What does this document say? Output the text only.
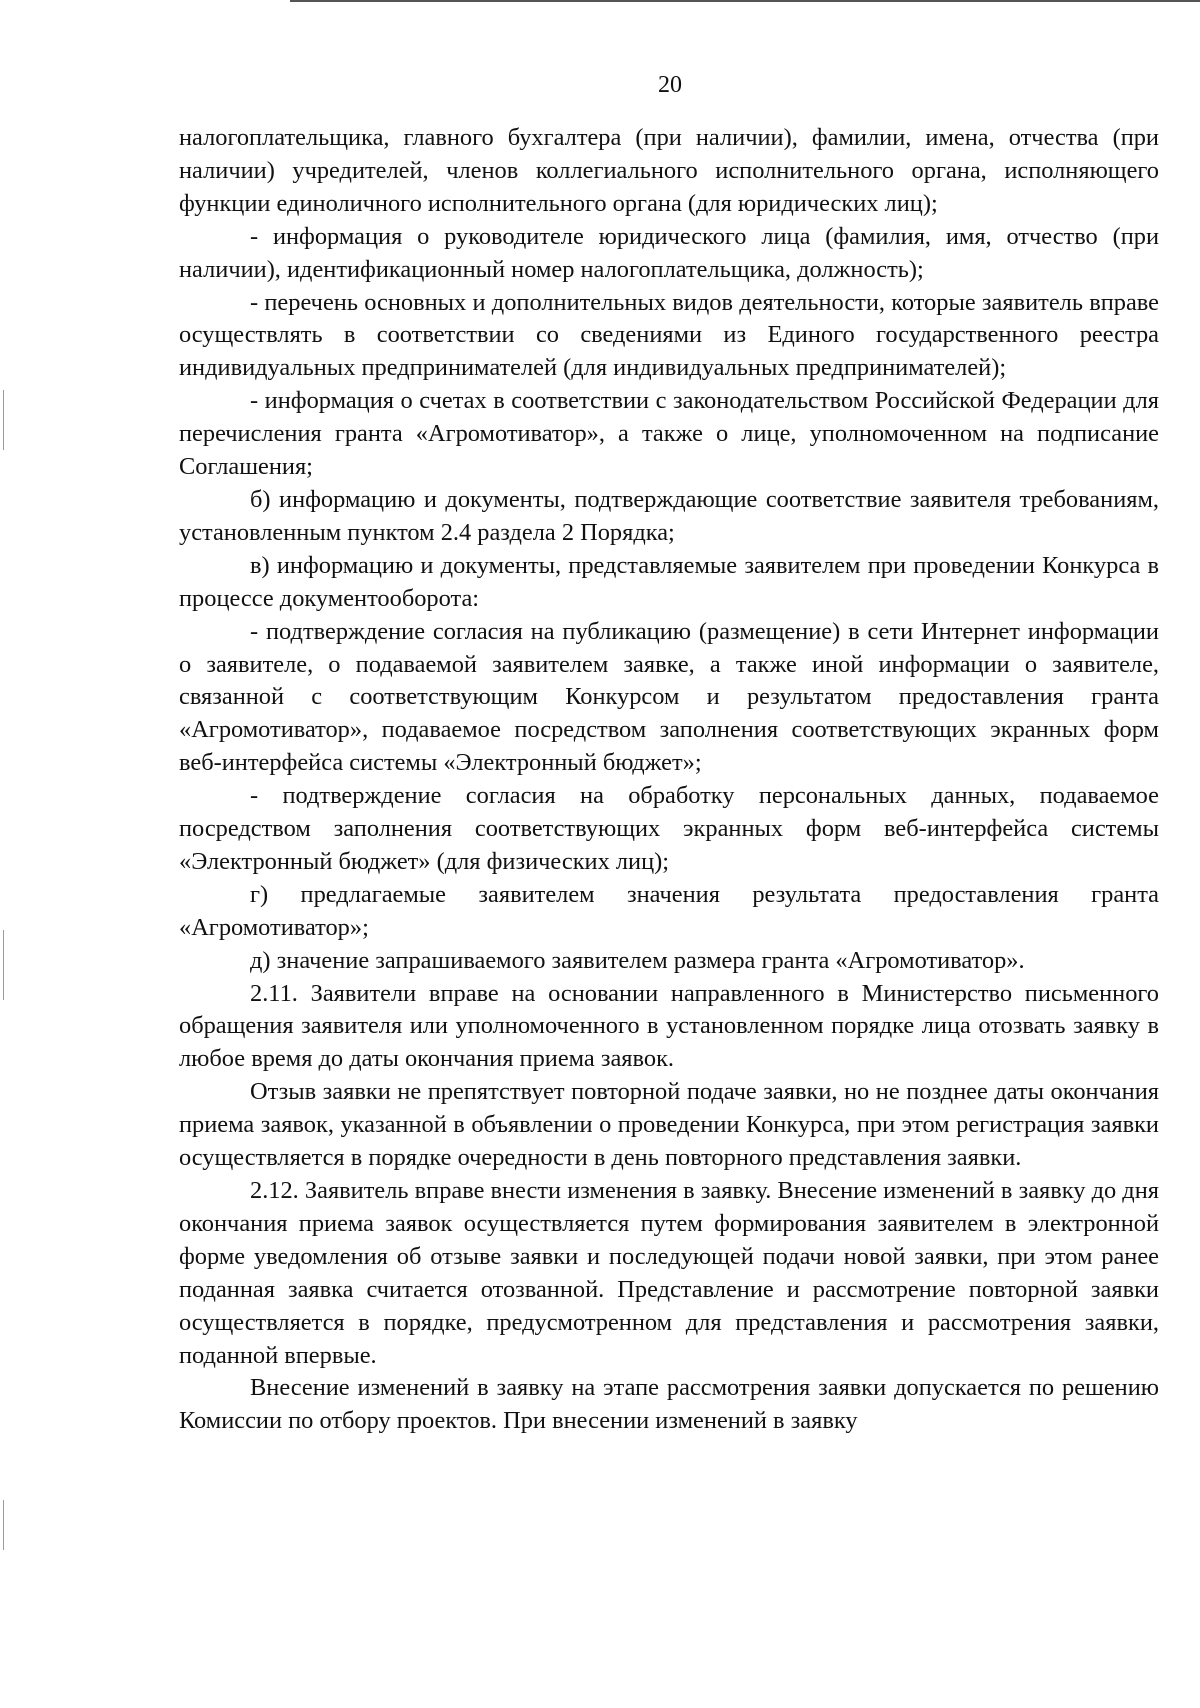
20

налогоплательщика, главного бухгалтера (при наличии), фамилии, имена, отчества (при наличии) учредителей, членов коллегиального исполнительного органа, исполняющего функции единоличного исполнительного органа (для юридических лиц);

- информация о руководителе юридического лица (фамилия, имя, отчество (при наличии), идентификационный номер налогоплательщика, должность);

- перечень основных и дополнительных видов деятельности, которые заявитель вправе осуществлять в соответствии со сведениями из Единого государственного реестра индивидуальных предпринимателей (для индивидуальных предпринимателей);

- информация о счетах в соответствии с законодательством Российской Федерации для перечисления гранта «Агромотиватор», а также о лице, уполномоченном на подписание Соглашения;

б) информацию и документы, подтверждающие соответствие заявителя требованиям, установленным пунктом 2.4 раздела 2 Порядка;

в) информацию и документы, представляемые заявителем при проведении Конкурса в процессе документооборота:

- подтверждение согласия на публикацию (размещение) в сети Интернет информации о заявителе, о подаваемой заявителем заявке, а также иной информации о заявителе, связанной с соответствующим Конкурсом и результатом предоставления гранта «Агромотиватор», подаваемое посредством заполнения соответствующих экранных форм веб-интерфейса системы «Электронный бюджет»;

- подтверждение согласия на обработку персональных данных, подаваемое посредством заполнения соответствующих экранных форм веб-интерфейса системы «Электронный бюджет» (для физических лиц);

г) предлагаемые заявителем значения результата предоставления гранта «Агромотиватор»;

д) значение запрашиваемого заявителем размера гранта «Агромотиватор».

2.11. Заявители вправе на основании направленного в Министерство письменного обращения заявителя или уполномоченного в установленном порядке лица отозвать заявку в любое время до даты окончания приема заявок.

Отзыв заявки не препятствует повторной подаче заявки, но не позднее даты окончания приема заявок, указанной в объявлении о проведении Конкурса, при этом регистрация заявки осуществляется в порядке очередности в день повторного представления заявки.

2.12. Заявитель вправе внести изменения в заявку. Внесение изменений в заявку до дня окончания приема заявок осуществляется путем формирования заявителем в электронной форме уведомления об отзыве заявки и последующей подачи новой заявки, при этом ранее поданная заявка считается отозванной. Представление и рассмотрение повторной заявки осуществляется в порядке, предусмотренном для представления и рассмотрения заявки, поданной впервые.

Внесение изменений в заявку на этапе рассмотрения заявки допускается по решению Комиссии по отбору проектов. При внесении изменений в заявку
